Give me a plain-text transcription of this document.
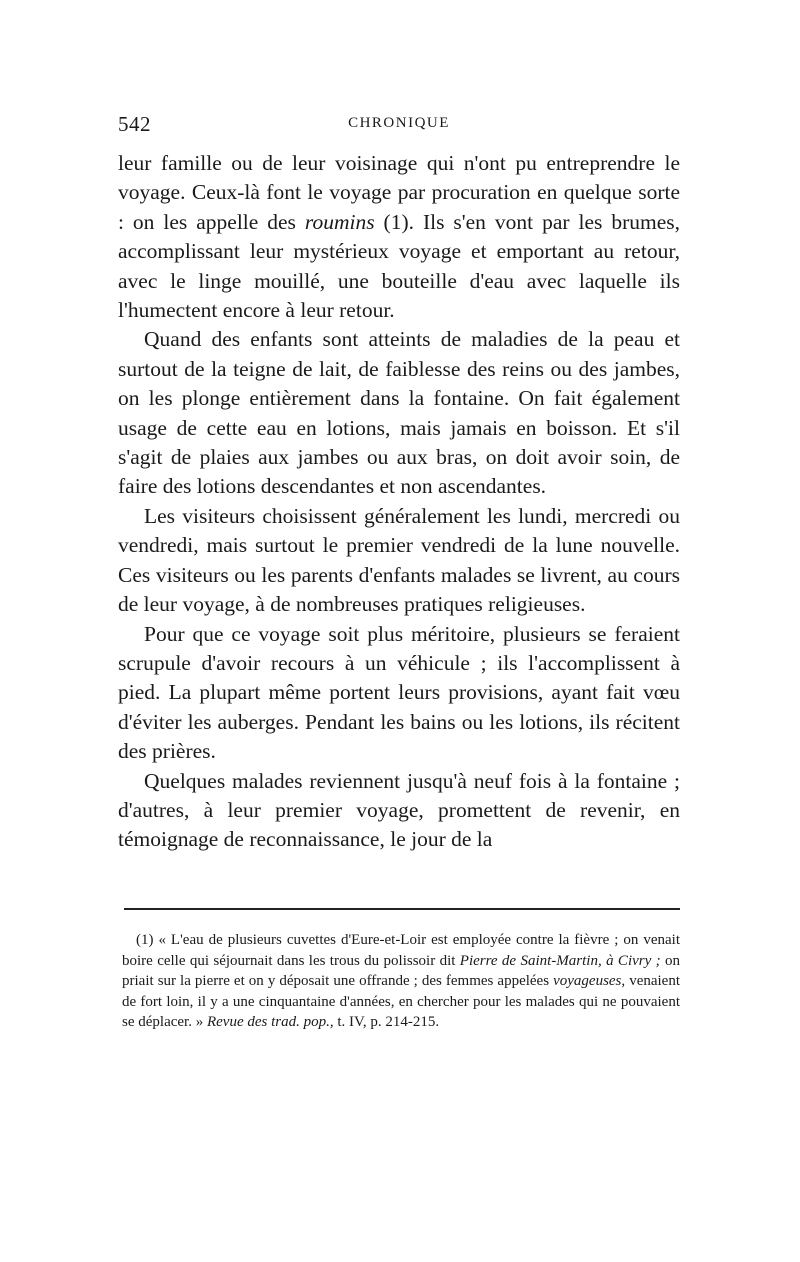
542	CHRONIQUE

leur famille ou de leur voisinage qui n'ont pu entreprendre le voyage. Ceux-là font le voyage par procuration en quelque sorte : on les appelle des roumins (1). Ils s'en vont par les brumes, accomplissant leur mystérieux voyage et emportant au retour, avec le linge mouillé, une bouteille d'eau avec laquelle ils l'humectent encore à leur retour.

Quand des enfants sont atteints de maladies de la peau et surtout de la teigne de lait, de faiblesse des reins ou des jambes, on les plonge entièrement dans la fontaine. On fait également usage de cette eau en lotions, mais jamais en boisson. Et s'il s'agit de plaies aux jambes ou aux bras, on doit avoir soin, de faire des lotions descendantes et non ascendantes.

Les visiteurs choisissent généralement les lundi, mercredi ou vendredi, mais surtout le premier vendredi de la lune nouvelle. Ces visiteurs ou les parents d'enfants malades se livrent, au cours de leur voyage, à de nombreuses pratiques religieuses.

Pour que ce voyage soit plus méritoire, plusieurs se feraient scrupule d'avoir recours à un véhicule ; ils l'accomplissent à pied. La plupart même portent leurs provisions, ayant fait vœu d'éviter les auberges. Pendant les bains ou les lotions, ils récitent des prières.

Quelques malades reviennent jusqu'à neuf fois à la fontaine ; d'autres, à leur premier voyage, promettent de revenir, en témoignage de reconnaissance, le jour de la

(1) « L'eau de plusieurs cuvettes d'Eure-et-Loir est employée contre la fièvre ; on venait boire celle qui séjournait dans les trous du polissoir dit Pierre de Saint-Martin, à Civry ; on priait sur la pierre et on y déposait une offrande ; des femmes appelées voyageuses, venaient de fort loin, il y a une cinquantaine d'années, en chercher pour les malades qui ne pouvaient se déplacer. » Revue des trad. pop., t. IV, p. 214-215.
